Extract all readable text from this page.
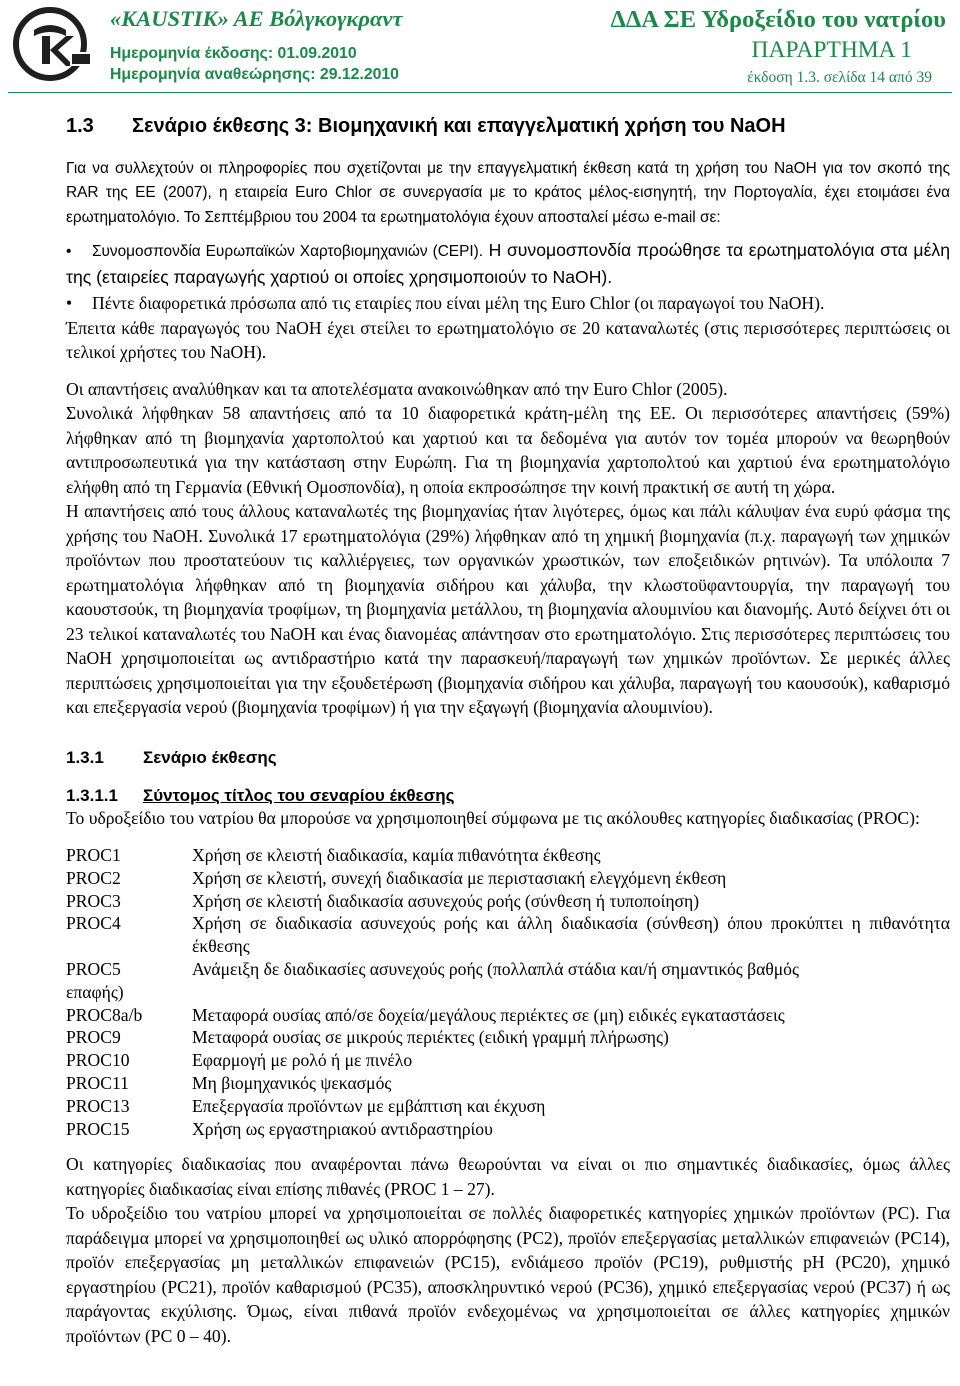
«KAUSTIK» AE Βόλγκογκραντ
Ημερομηνία έκδοσης: 01.09.2010
Ημερομηνία αναθεώρησης: 29.12.2010
ΔΔΑ ΣΕ Υδροξείδιο του νατρίου
ΠΑΡΑΡΤΗΜΑ 1
έκδοση 1.3. σελίδα 14 από 39
1.3 Σενάριο έκθεσης 3: Βιομηχανική και επαγγελματική χρήση του NaOH

Για να συλλεχτούν οι πληροφορίες που σχετίζονται με την επαγγελματική έκθεση κατά τη χρήση του NaOH για τον σκοπό της RAR της ΕΕ (2007), η εταιρεία Euro Chlor σε συνεργασία με το κράτος μέλος-εισηγητή, την Πορτογαλία, έχει ετοιμάσει ένα ερωτηματολόγιο. Το Σεπτέμβριου του 2004 τα ερωτηματολόγια έχουν αποσταλεί μέσω e-mail σε:

• Συνομοσπονδία Ευρωπαϊκών Χαρτοβιομηχανιών (CEPI). Η συνομοσπονδία προώθησε τα ερωτηματολόγια στα μέλη της (εταιρείες παραγωγής χαρτιού οι οποίες χρησιμοποιούν το NaOH).

• Πέντε διαφορετικά πρόσωπα από τις εταιρίες που είναι μέλη της Euro Chlor (οι παραγωγοί του NaOH).

Έπειτα κάθε παραγωγός του NaOH έχει στείλει το ερωτηματολόγιο σε 20 καταναλωτές (στις περισσότερες περιπτώσεις οι τελικοί χρήστες του NaOH).

Οι απαντήσεις αναλύθηκαν και τα αποτελέσματα ανακοινώθηκαν από την Euro Chlor (2005).

Συνολικά λήφθηκαν 58 απαντήσεις από τα 10 διαφορετικά κράτη-μέλη της ΕΕ. Οι περισσότερες απαντήσεις (59%) λήφθηκαν από τη βιομηχανία χαρτοπολτού και χαρτιού και τα δεδομένα για αυτόν τον τομέα μπορούν να θεωρηθούν αντιπροσωπευτικά για την κατάσταση στην Ευρώπη. Για τη βιομηχανία χαρτοπολτού και χαρτιού ένα ερωτηματολόγιο ελήφθη από τη Γερμανία (Εθνική Ομοσπονδία), η οποία εκπροσώπησε την κοινή πρακτική σε αυτή τη χώρα.

Η απαντήσεις από τους άλλους καταναλωτές της βιομηχανίας ήταν λιγότερες, όμως και πάλι κάλυψαν ένα ευρύ φάσμα της χρήσης του NaOH. Συνολικά 17 ερωτηματολόγια (29%) λήφθηκαν από τη χημική βιομηχανία (π.χ. παραγωγή των χημικών προϊόντων που προστατεύουν τις καλλιέργειες, των οργανικών χρωστικών, των εποξειδικών ρητινών). Τα υπόλοιπα 7 ερωτηματολόγια λήφθηκαν από τη βιομηχανία σιδήρου και χάλυβα, την κλωστοϋφαντουργία, την παραγωγή του καουστσούκ, τη βιομηχανία τροφίμων, τη βιομηχανία μετάλλου, τη βιομηχανία αλουμινίου και διανομής. Αυτό δείχνει ότι οι 23 τελικοί καταναλωτές του NaOH και ένας διανομέας απάντησαν στο ερωτηματολόγιο. Στις περισσότερες περιπτώσεις του NaOH χρησιμοποιείται ως αντιδραστήριο κατά την παρασκευή/παραγωγή των χημικών προϊόντων. Σε μερικές άλλες περιπτώσεις χρησιμοποιείται για την εξουδετέρωση (βιομηχανία σιδήρου και χάλυβα, παραγωγή του καουσούκ), καθαρισμό και επεξεργασία νερού (βιομηχανία τροφίμων) ή για την εξαγωγή (βιομηχανία αλουμινίου).

1.3.1 Σενάριο έκθεσης
1.3.1.1 Σύντομος τίτλος του σεναρίου έκθεσης

Το υδροξείδιο του νατρίου θα μπορούσε να χρησιμοποιηθεί σύμφωνα με τις ακόλουθες κατηγορίες διαδικασίας (PROC):

PROC1	Χρήση σε κλειστή διαδικασία, καμία πιθανότητα έκθεσης
PROC2	Χρήση σε κλειστή, συνεχή διαδικασία με περιστασιακή ελεγχόμενη έκθεση
PROC3	Χρήση σε κλειστή διαδικασία ασυνεχούς ροής (σύνθεση ή τυποποίηση)
PROC4	Χρήση σε διαδικασία ασυνεχούς ροής και άλλη διαδικασία (σύνθεση) όπου προκύπτει η πιθανότητα έκθεσης
PROC5	Ανάμειξη δε διαδικασίες ασυνεχούς ροής (πολλαπλά στάδια και/ή σημαντικός βαθμός
επαφής)	
PROC8a/b	Μεταφορά ουσίας από/σε δοχεία/μεγάλους περιέκτες σε (μη) ειδικές εγκαταστάσεις
PROC9	Μεταφορά ουσίας σε μικρούς περιέκτες (ειδική γραμμή πλήρωσης)
PROC10	Εφαρμογή με ρολό ή με πινέλο
PROC11	Μη βιομηχανικός ψεκασμός
PROC13	Επεξεργασία προϊόντων με εμβάπτιση και έκχυση
PROC15	Χρήση ως εργαστηριακού αντιδραστηρίου

Οι κατηγορίες διαδικασίας που αναφέρονται πάνω θεωρούνται να είναι οι πιο σημαντικές διαδικασίες, όμως άλλες κατηγορίες διαδικασίας είναι επίσης πιθανές (PROC 1 – 27).

Το υδροξείδιο του νατρίου μπορεί να χρησιμοποιείται σε πολλές διαφορετικές κατηγορίες χημικών προϊόντων (PC). Για παράδειγμα μπορεί να χρησιμοποιηθεί ως υλικό απορρόφησης (PC2), προϊόν επεξεργασίας μεταλλικών επιφανειών (PC14), προϊόν επεξεργασίας μη μεταλλικών επιφανειών (PC15), ενδιάμεσο προϊόν (PC19), ρυθμιστής pH (PC20), χημικό εργαστηρίου (PC21), προϊόν καθαρισμού (PC35), αποσκληρυντικό νερού (PC36), χημικό επεξεργασίας νερού (PC37) ή ως παράγοντας εκχύλισης. Όμως, είναι πιθανά προϊόν ενδεχομένως να χρησιμοποιείται σε άλλες κατηγορίες χημικών προϊόντων (PC 0 – 40).
